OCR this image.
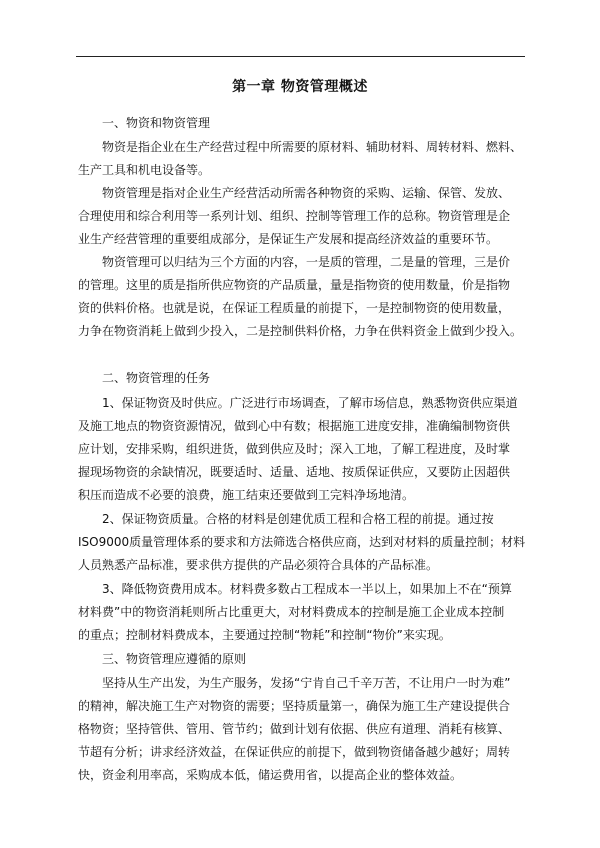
第一章 物资管理概述
一、物资和物资管理
物资是指企业在生产经营过程中所需要的原材料、辅助材料、周转材料、燃料、
生产工具和机电设备等。
物资管理是指对企业生产经营活动所需各种物资的采购、运输、保管、发放、
合理使用和综合利用等一系列计划、组织、控制等管理工作的总称。物资管理是企
业生产经营管理的重要组成部分，是保证生产发展和提高经济效益的重要环节。
物资管理可以归结为三个方面的内容，一是质的管理，二是量的管理，三是价
的管理。这里的质是指所供应物资的产品质量，量是指物资的使用数量，价是指物
资的供料价格。也就是说，在保证工程质量的前提下，一是控制物资的使用数量，
力争在物资消耗上做到少投入，二是控制供料价格，力争在供料资金上做到少投入。
二、物资管理的任务
1、保证物资及时供应。广泛进行市场调查，了解市场信息，熟悉物资供应渠道
及施工地点的物资资源情况，做到心中有数；根据施工进度安排，准确编制物资供
应计划，安排采购，组织进货，做到供应及时；深入工地，了解工程进度，及时掌
握现场物资的余缺情况，既要适时、适量、适地、按质保证供应，又要防止因超供
积压而造成不必要的浪费，施工结束还要做到工完料净场地清。
2、保证物资质量。合格的材料是创建优质工程和合格工程的前提。通过按
ISO9000质量管理体系的要求和方法筛选合格供应商，达到对材料的质量控制；材料
人员熟悉产品标准，要求供方提供的产品必须符合具体的产品标准。
3、降低物资费用成本。材料费多数占工程成本一半以上，如果加上不在“预算
材料费”中的物资消耗则所占比重更大，对材料费成本的控制是施工企业成本控制
的重点；控制材料费成本，主要通过控制“物耗”和控制“物价”来实现。
三、物资管理应遵循的原则
坚持从生产出发，为生产服务，发扬“宁肯自己千辛万苦，不让用户一时为难”
的精神，解决施工生产对物资的需要；坚持质量第一，确保为施工生产建设提供合
格物资；坚持管供、管用、管节约；做到计划有依据、供应有道理、消耗有核算、
节超有分析；讲求经济效益，在保证供应的前提下，做到物资储备越少越好；周转
快，资金利用率高，采购成本低，储运费用省，以提高企业的整体效益。
